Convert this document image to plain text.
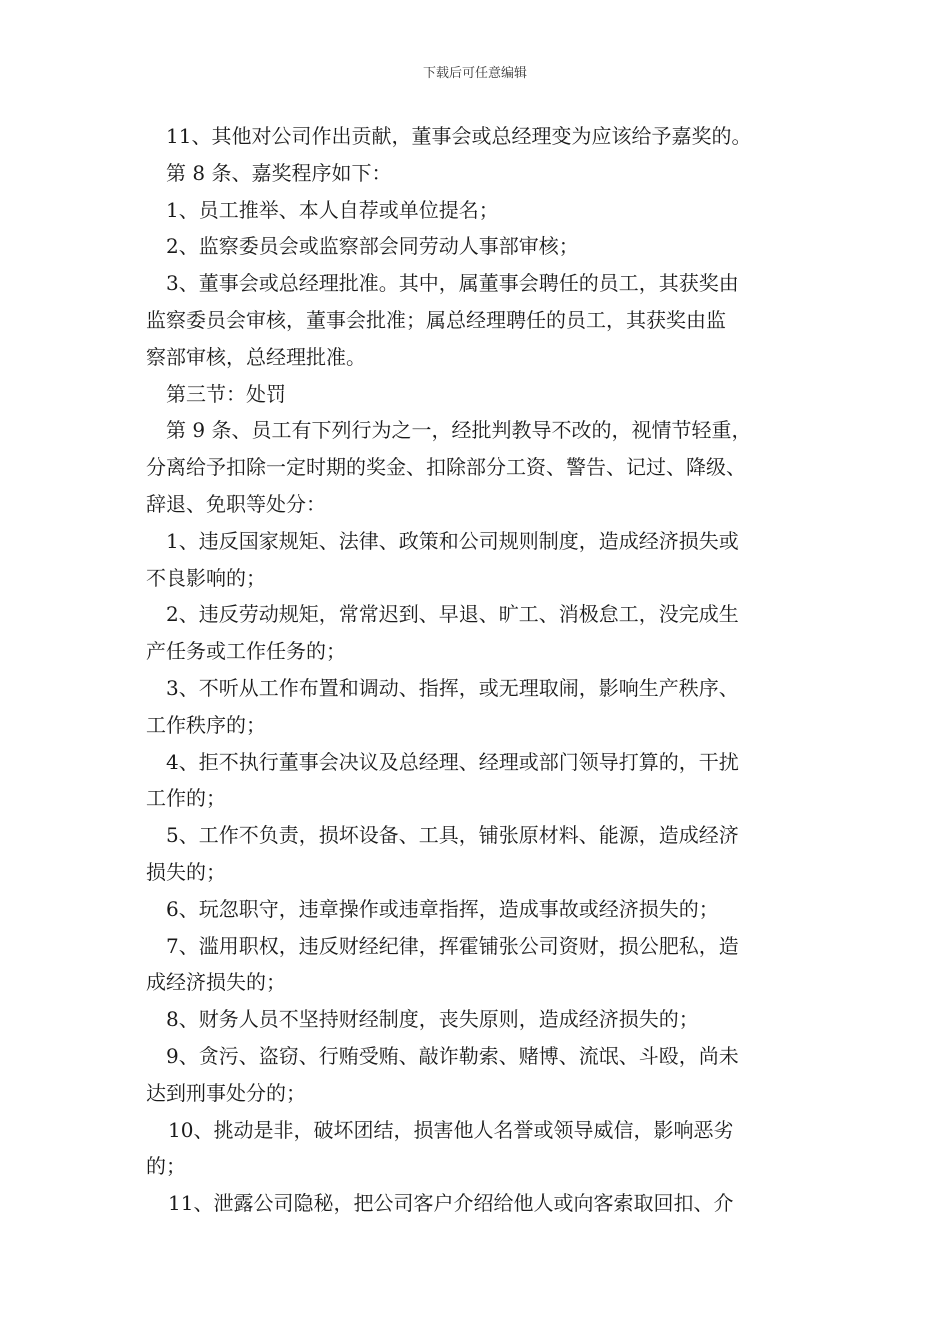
下载后可任意编辑
11、其他对公司作出贡献，董事会或总经理变为应该给予嘉奖的。
第 8 条、嘉奖程序如下：
1、员工推举、本人自荐或单位提名；
2、监察委员会或监察部会同劳动人事部审核；
3、董事会或总经理批准。其中，属董事会聘任的员工，其获奖由
监察委员会审核，董事会批准；属总经理聘任的员工，其获奖由监
察部审核，总经理批准。
第三节：处罚
第 9 条、员工有下列行为之一，经批判教导不改的，视情节轻重，
分离给予扣除一定时期的奖金、扣除部分工资、警告、记过、降级、
辞退、免职等处分：
1、违反国家规矩、法律、政策和公司规则制度，造成经济损失或
不良影响的；
2、违反劳动规矩，常常迟到、早退、旷工、消极怠工，没完成生
产任务或工作任务的；
3、不听从工作布置和调动、指挥，或无理取闹，影响生产秩序、
工作秩序的；
4、拒不执行董事会决议及总经理、经理或部门领导打算的，干扰
工作的；
5、工作不负责，损坏设备、工具，铺张原材料、能源，造成经济
损失的；
6、玩忽职守，违章操作或违章指挥，造成事故或经济损失的；
7、滥用职权，违反财经纪律，挥霍铺张公司资财，损公肥私，造
成经济损失的；
8、财务人员不坚持财经制度，丧失原则，造成经济损失的；
9、贪污、盗窃、行贿受贿、敲诈勒索、赌博、流氓、斗殴，尚未
达到刑事处分的；
10、挑动是非，破坏团结，损害他人名誉或领导威信，影响恶劣
的；
11、泄露公司隐秘，把公司客户介绍给他人或向客索取回扣、介
